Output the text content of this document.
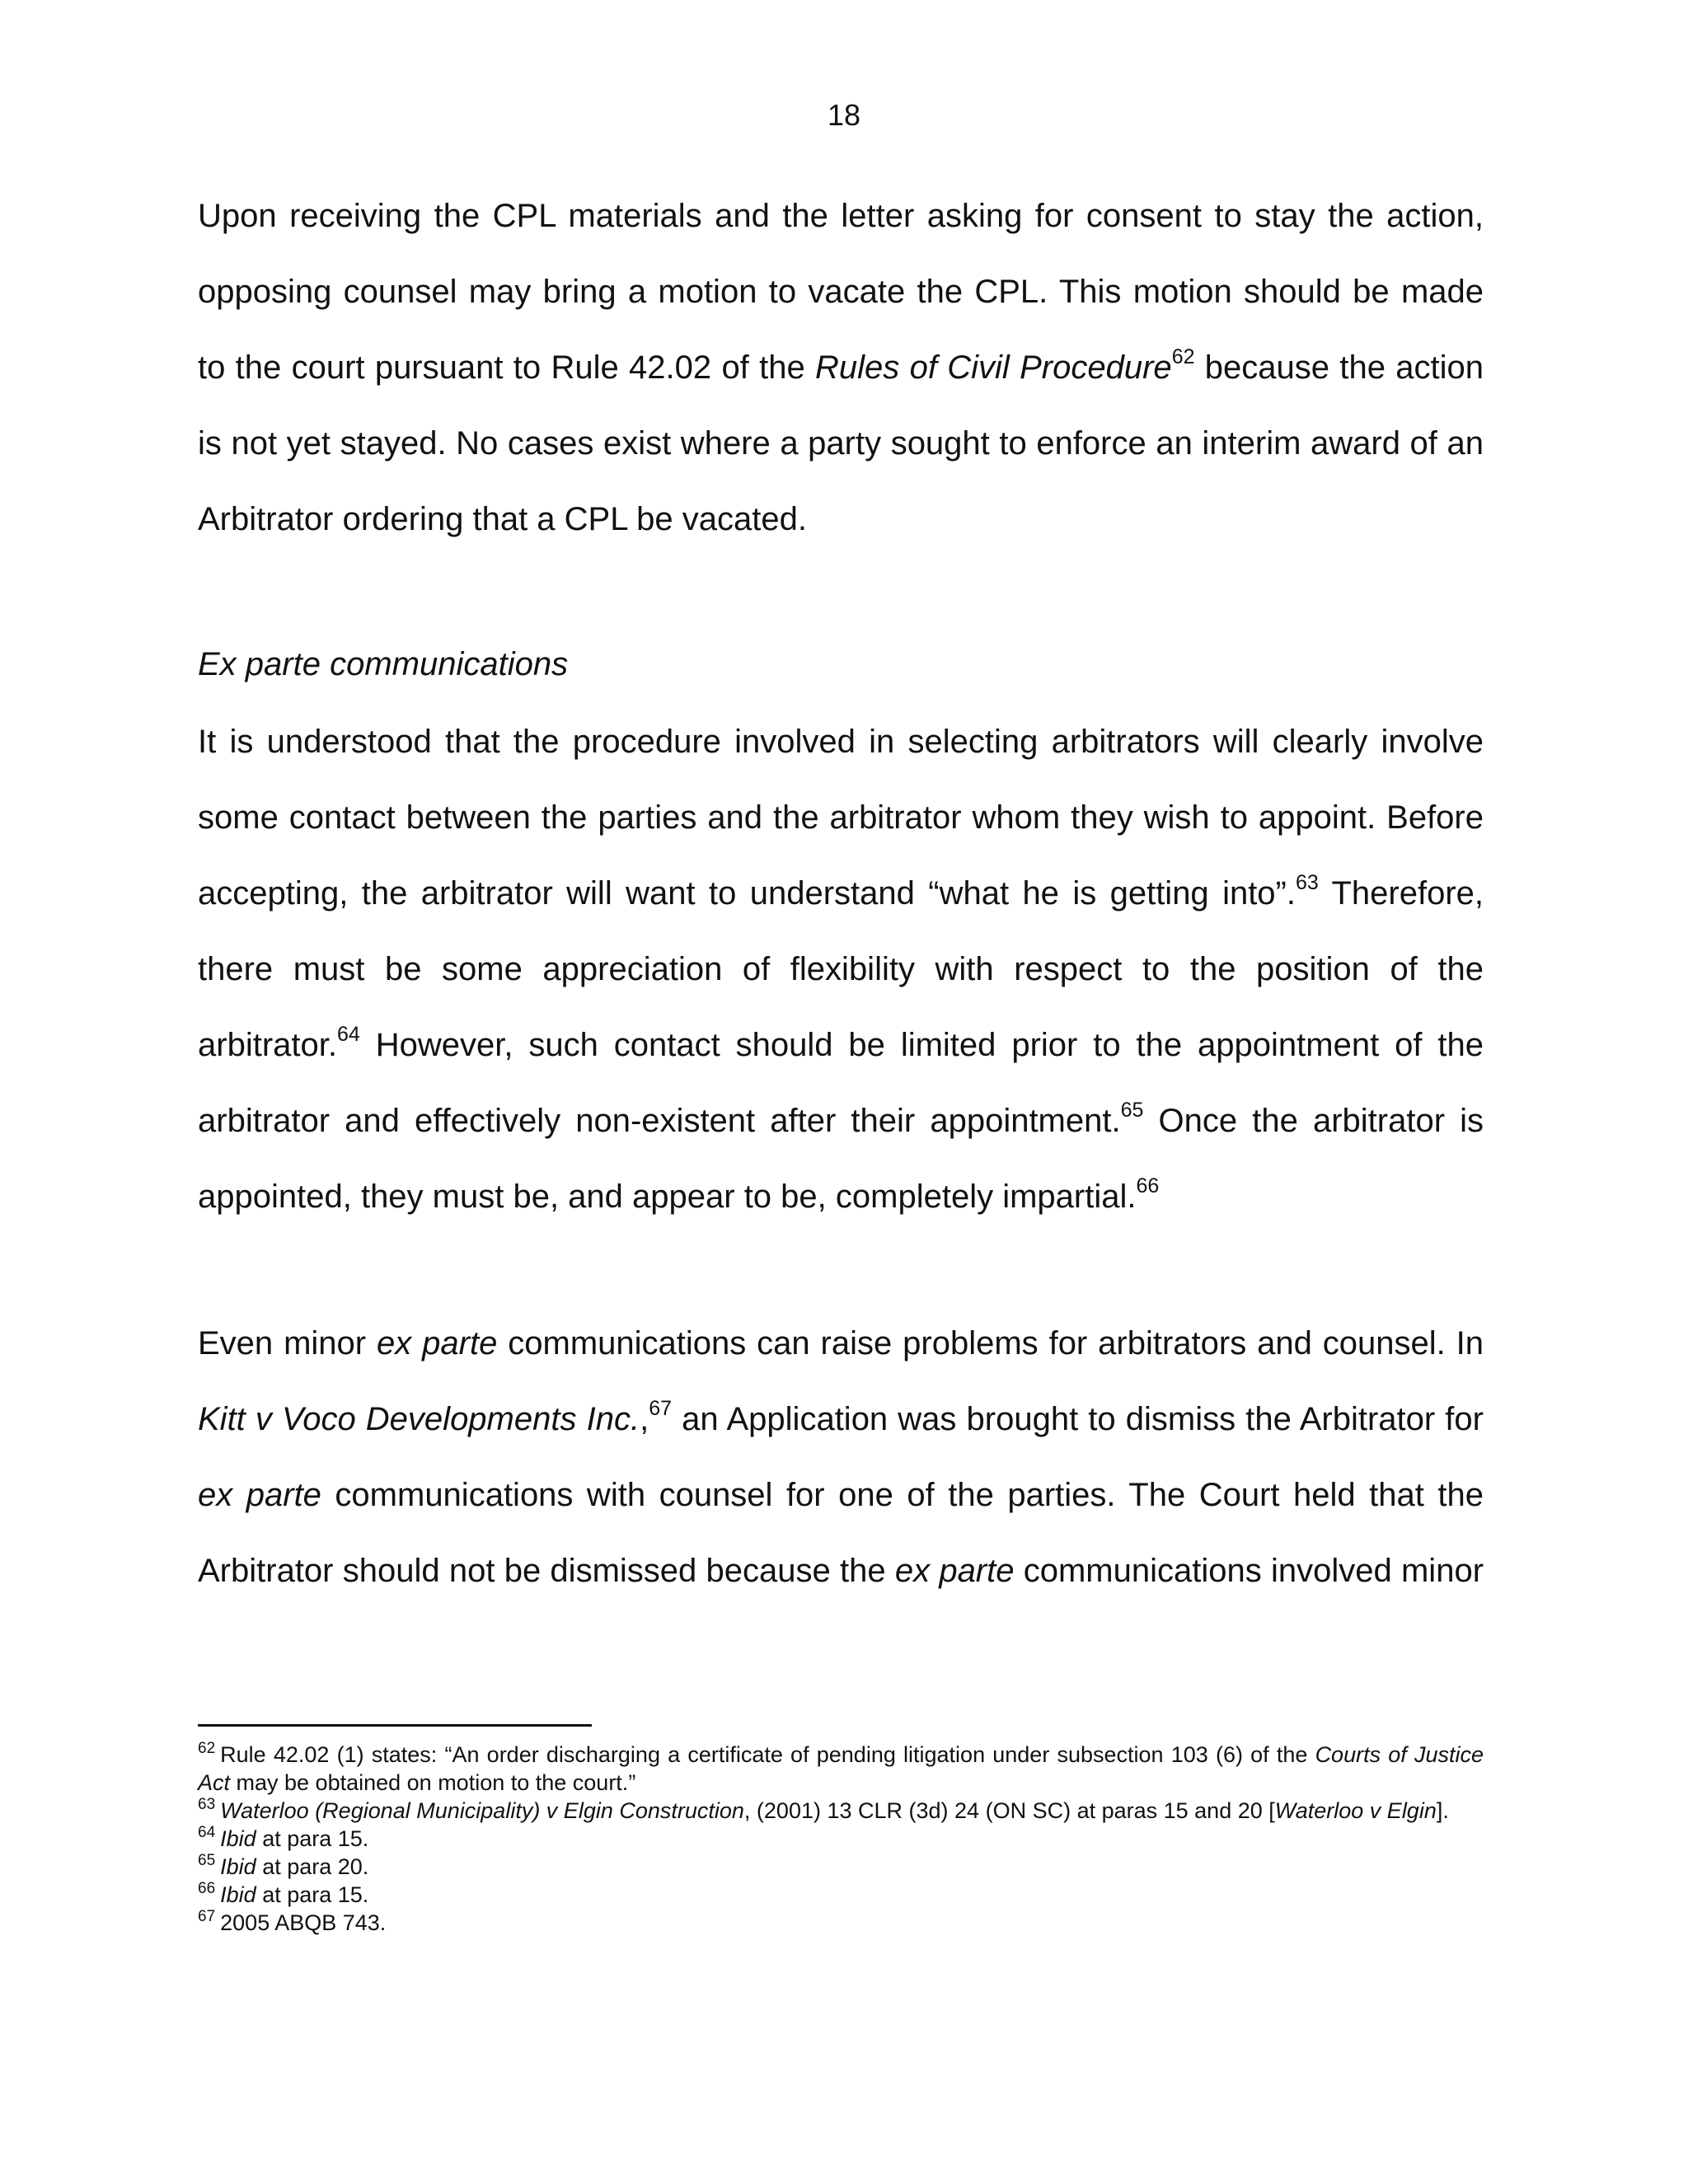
18

Upon receiving the CPL materials and the letter asking for consent to stay the action, opposing counsel may bring a motion to vacate the CPL. This motion should be made to the court pursuant to Rule 42.02 of the Rules of Civil Procedure$^{62}$ because the action is not yet stayed. No cases exist where a party sought to enforce an interim award of an Arbitrator ordering that a CPL be vacated.

Ex parte communications

It is understood that the procedure involved in selecting arbitrators will clearly involve some contact between the parties and the arbitrator whom they wish to appoint. Before accepting, the arbitrator will want to understand “what he is getting into”.$^{63}$ Therefore, there must be some appreciation of flexibility with respect to the position of the arbitrator.$^{64}$ However, such contact should be limited prior to the appointment of the arbitrator and effectively non-existent after their appointment.$^{65}$ Once the arbitrator is appointed, they must be, and appear to be, completely impartial.$^{66}$

Even minor ex parte communications can raise problems for arbitrators and counsel. In Kitt v Voco Developments Inc.,$^{67}$ an Application was brought to dismiss the Arbitrator for ex parte communications with counsel for one of the parties. The Court held that the Arbitrator should not be dismissed because the ex parte communications involved minor

$^{62}$ Rule 42.02 (1) states: “An order discharging a certificate of pending litigation under subsection 103 (6) of the Courts of Justice Act may be obtained on motion to the court.”

$^{63}$ Waterloo (Regional Municipality) v Elgin Construction, (2001) 13 CLR (3d) 24 (ON SC) at paras 15 and 20 [Waterloo v Elgin].

$^{64}$ Ibid at para 15.

$^{65}$ Ibid at para 20.

$^{66}$ Ibid at para 15.

$^{67}$ 2005 ABQB 743.
